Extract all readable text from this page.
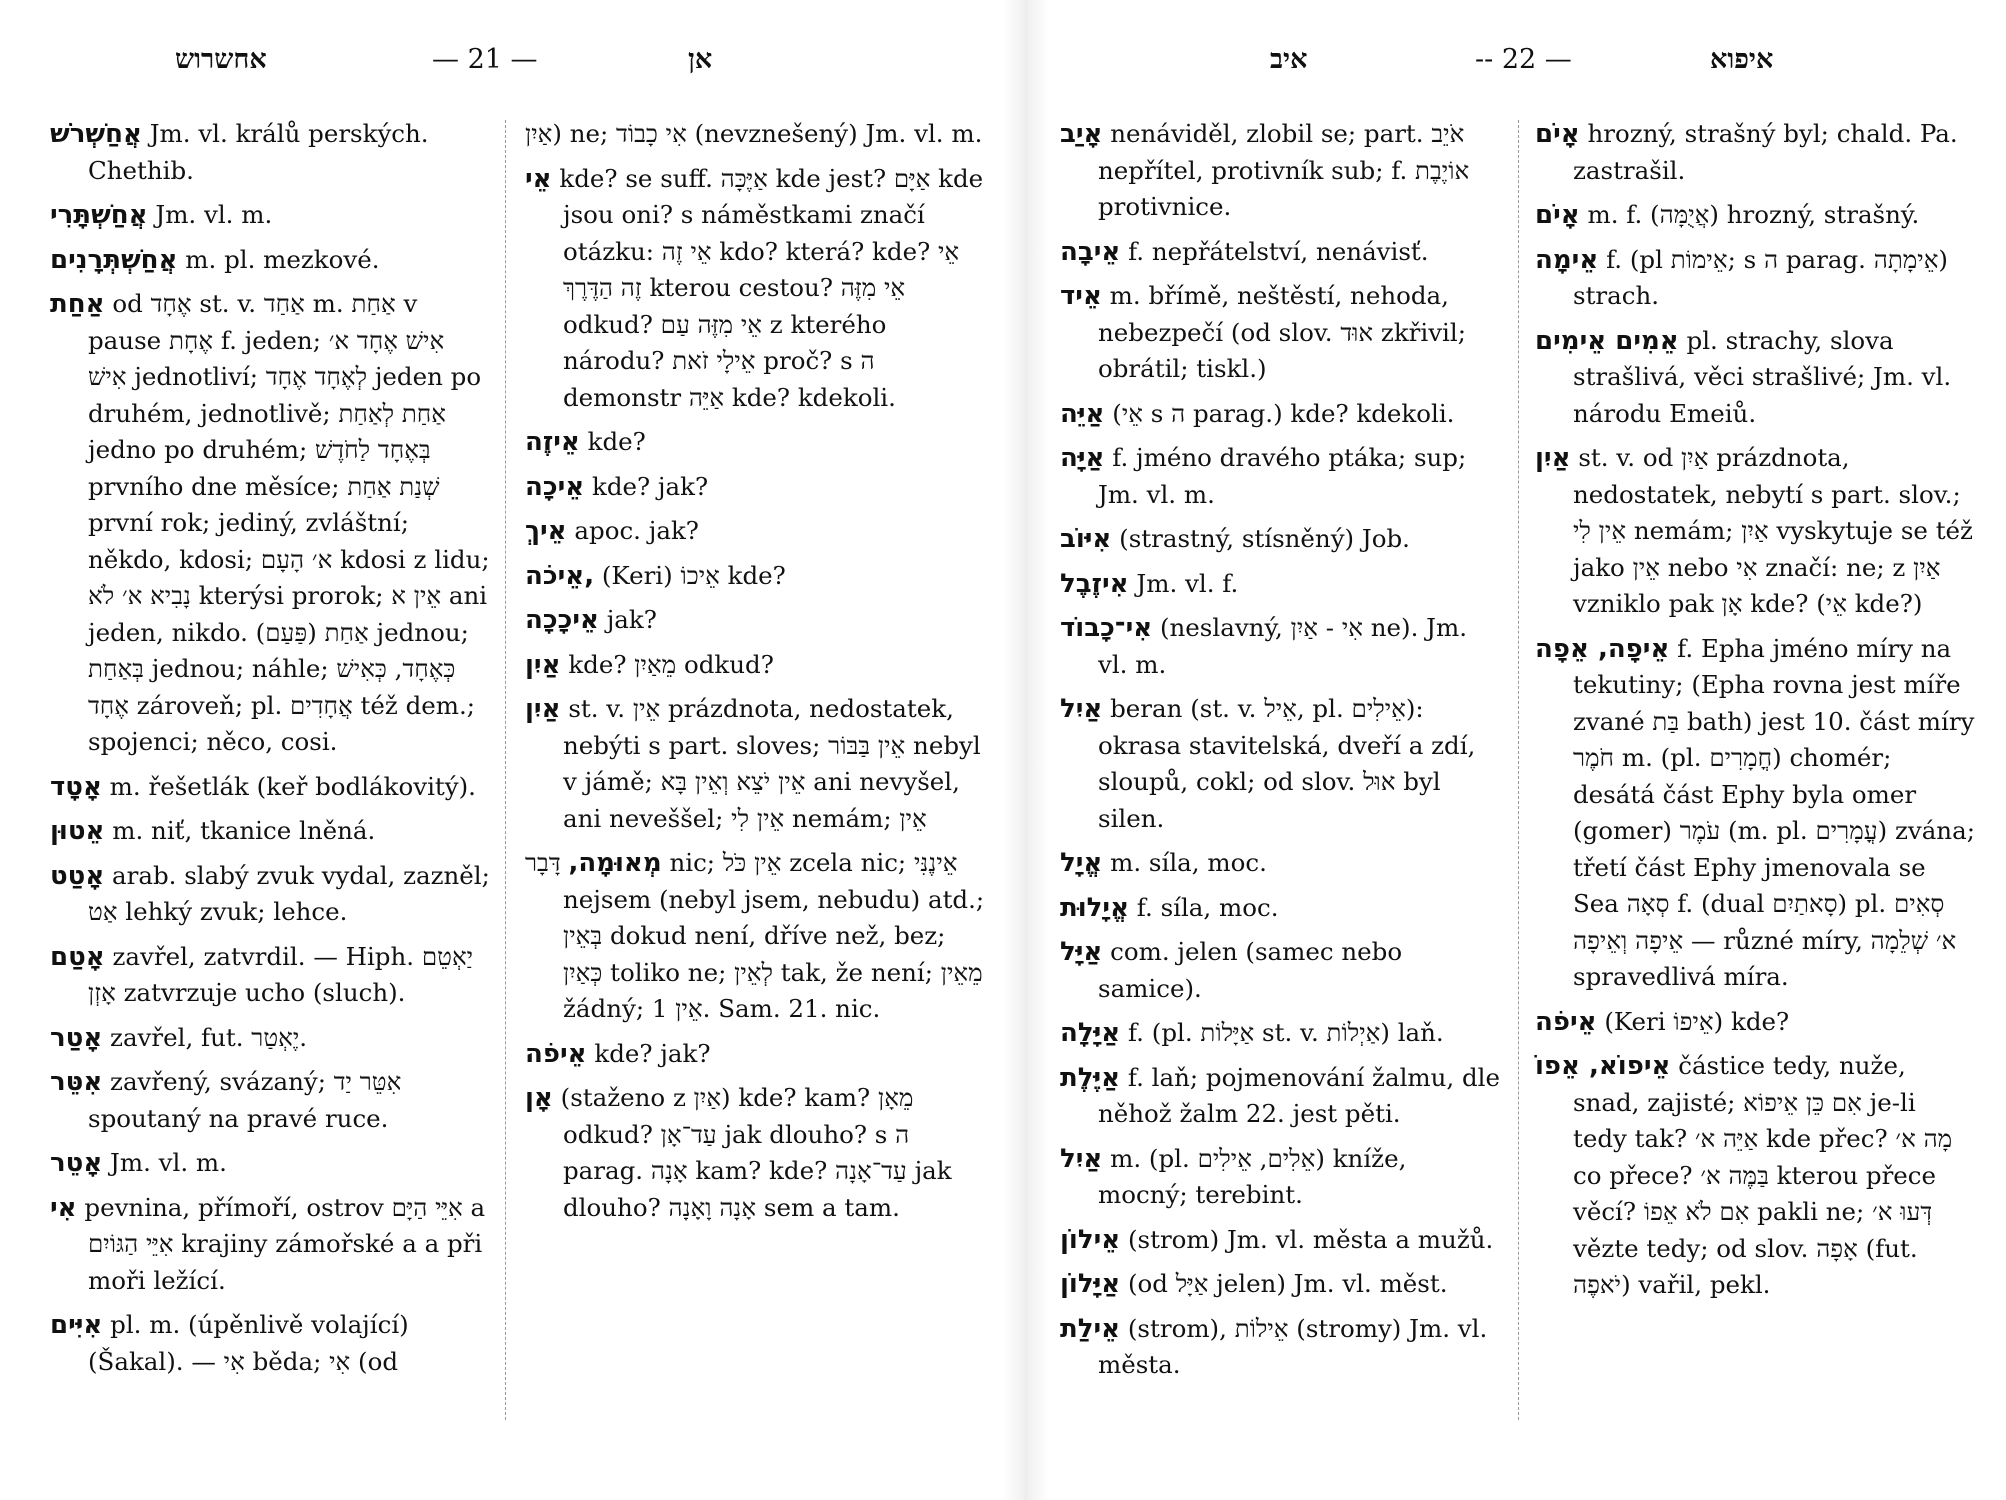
אחשרוש	— 21 —	אן
אֲחַשְׁרֹשׁ Jm. vl. králů perských. Chethib.
אֲחַשְׁתָּרִי Jm. vl. m.
אֲחַשְׁתְּרָנִים m. pl. mezkové.
אַחַת od אֶחָד st. v. אַחַד m. אַחַת v pause אֶחָת f. jeden; אִישׁ אֶחָד א׳ אִישׁ jednotliví; לְאֶחָד אֶחָד jeden po druhém, jednotlivě; אַחַת לְאַחַת jedno po druhém; בְּאֶחָד לַחֹדֶשׁ prvního dne měsíce; שְׁנַת אַחַת první rok; jediný, zvláštní; někdo, kdosi; א׳ הָעָם kdosi z lidu; נָבִיא א׳ לֹא kterýsi prorok; אֵין א ani jeden, nikdo. אַחַת (פַּעַם) jednou; בְּאַחַת jednou; náhle; כְּאֶחָד, כְּאִישׁ אֶחָד zároveň; pl. אֲחָדִים též dem.; spojenci; něco, cosi.
אָטָד m. řešetlák (keř bodlákovitý).
אֵטוּן m. niť, tkanice lněná.
אָטַט arab. slabý zvuk vydal, zazněl; אַט lehký zvuk; lehce.
אָטַם zavřel, zatvrdil. — Hiph. יַאְטֵם אָזְן zatvrzuje ucho (sluch).
אָטַר zavřel, fut. יֶאְטַר.
אִטֵּר zavřený, svázaný; אִטֵּר יַד spoutaný na pravé ruce.
אָטֵר Jm. vl. m.
אִי pevnina, přímoří, ostrov אִיֵּי הַיָּם a אִיֵּי הַגּוֹיִם krajiny zámořské a a při moři ležící.
אִיִּים pl. m. (úpěnlivě volající) (Šakal). — אִי běda; אִי (od
אַיִן) ne; אִי כָבוֹד (nevznešený) Jm. vl. m.
אֵי kde? se suff. אַיֶּכָּה kde jest? אַיָּם kde jsou oni? s náměstkami značí otázku: אֵי זֶה kdo? která? kde? אֵי זֶה הַדֶּרֶךְ kterou cestou? אֵי מִזֶּה odkud? אֵי מִזֶּה עַם z kterého národu? אֵילָי זֹאת proč? s ה demonstr אַיֵּה kde? kdekoli.
אֵיזֶה kde?
אֵיכָה kde? jak?
אֵיךְ apoc. jak?
אֵיכֹה, (Keri) אֵיכוֹ kde?
אֵיכָכָה jak?
אַיִן kde? מֵאַיִן odkud?
אַיִן st. v. אֵין prázdnota, nedostatek, nebýti s part. sloves; אֵין בַּבּוֹר nebyl v jámě; אֵין יֹצֵא וְאֵין בָּא ani nevyšel, ani neveššel; אֵין לִי nemám; אֵין
מְאוּמָה, דָּבָר nic; אֵין כֹּל zcela nic; אֵינֶנִּי nejsem (nebyl jsem, nebudu) atd.; בְּאֵין dokud není, dříve než, bez; כְּאַיִן toliko ne; לְאֵין tak, že není; מֵאֵין žádný; אֵין 1. Sam. 21. nic.
אֵיפֹה kde? jak?
אָן (staženo z אַיִן) kde? kam? מֵאָן odkud? עַד־אָן jak dlouho? s ה parag. אָנָה kam? kde? עַד־אָנָה jak dlouho? אָנָה וָאָנָה sem a tam.
איב	-- 22 —	איפוא
אָיַב nenáviděl, zlobil se; part. אֹיֵב nepřítel, protivník sub; f. אוֹיֶבֶת protivnice.
אֵיבָה f. nepřátelství, nenávisť.
אֵיד m. břímě, neštěstí, nehoda, nebezpečí (od slov. אוּד zkřivil; obrátil; tiskl.)
אַיֵּה (אֵי s ה parag.) kde? kdekoli.
אַיָּה f. jméno dravého ptáka; sup; Jm. vl. m.
אִיּוֹב (strastný, stísněný) Job.
אִיזֶבֶל Jm. vl. f.
אִי־כָבוֹד (neslavný, אִי - אַיִן ne). Jm. vl. m.
אַיִל beran (st. v. אֵיל, pl. אֵילִים): okrasa stavitelská, dveří a zdí, sloupů, cokl; od slov. אוּל byl silen.
אֱיָל m. síla, moc.
אֱיָלוּת f. síla, moc.
אַיָּל com. jelen (samec nebo samice).
אַיָּלָה f. (pl. אַיָּלוֹת st. v. אַיְלוֹת) laň.
אַיֶּלֶת f. laň; pojmenování žalmu, dle něhož žalm 22. jest pěti.
אַיִל m. (pl. אֵלִים, אֵילִים) kníže, mocný; terebint.
אֵילוֹן (strom) Jm. vl. města a mužů.
אַיָּלוֹן (od אַיָּל jelen) Jm. vl. měst.
אֵילַת (strom), אֵילוֹת (stromy) Jm. vl. města.
אָיֹם hrozný, strašný byl; chald. Pa. zastrašil.
אָיֹם m. f. (אֲיֻמָּה) hrozný, strašný.
אֵימָה f. (pl אֵימוֹת; s ה parag. אֵימָתָה) strach.
אֵמִים אֵימִים pl. strachy, slova strašlivá, věci strašlivé; Jm. vl. národu Emeiů.
אַיִן st. v. od אַיִן prázdnota, nedostatek, nebytí s part. slov.; אֵין לִי nemám; אַיִן vyskytuje se též jako אֵין nebo אִי značí: ne; z אַיִן vzniklo pak אָן kde? (אֵי kde?)
אֵיפָה, אֵפָה f. Epha jméno míry na tekutiny; (Epha rovna jest míře zvané בַּת bath) jest 10. část míry חֹמֶר m. (pl. חֳמָרִים) chomér; desátá část Ephy byla omer (gomer) עֹמֶר (m. pl. עֳמָרִים) zvána; třetí část Ephy jmenovala se Sea סְאָה f. (dual סָאתַיִם) pl. סְאִים — אֵיפָה וְאֵיפָה různé míry, א׳ שְׁלֵמָה spravedlivá míra.
אֵיפֹה (Keri אֵיפוֹ) kde?
אֵיפוֹא, אֵפוֹ částice tedy, nuže, snad, zajisté; אִם כֵּן אֵיפוֹא je-li tedy tak? אַיֵּה א׳ kde přec? מָה א׳ co přece? בַּמֶּה א׳ kterou přece věcí? אִם לֹא אֵפוֹ pakli ne; דְּעוּ א׳ vězte tedy; od slov. אָפָה (fut. יֹאפֶה) vařil, pekl.
